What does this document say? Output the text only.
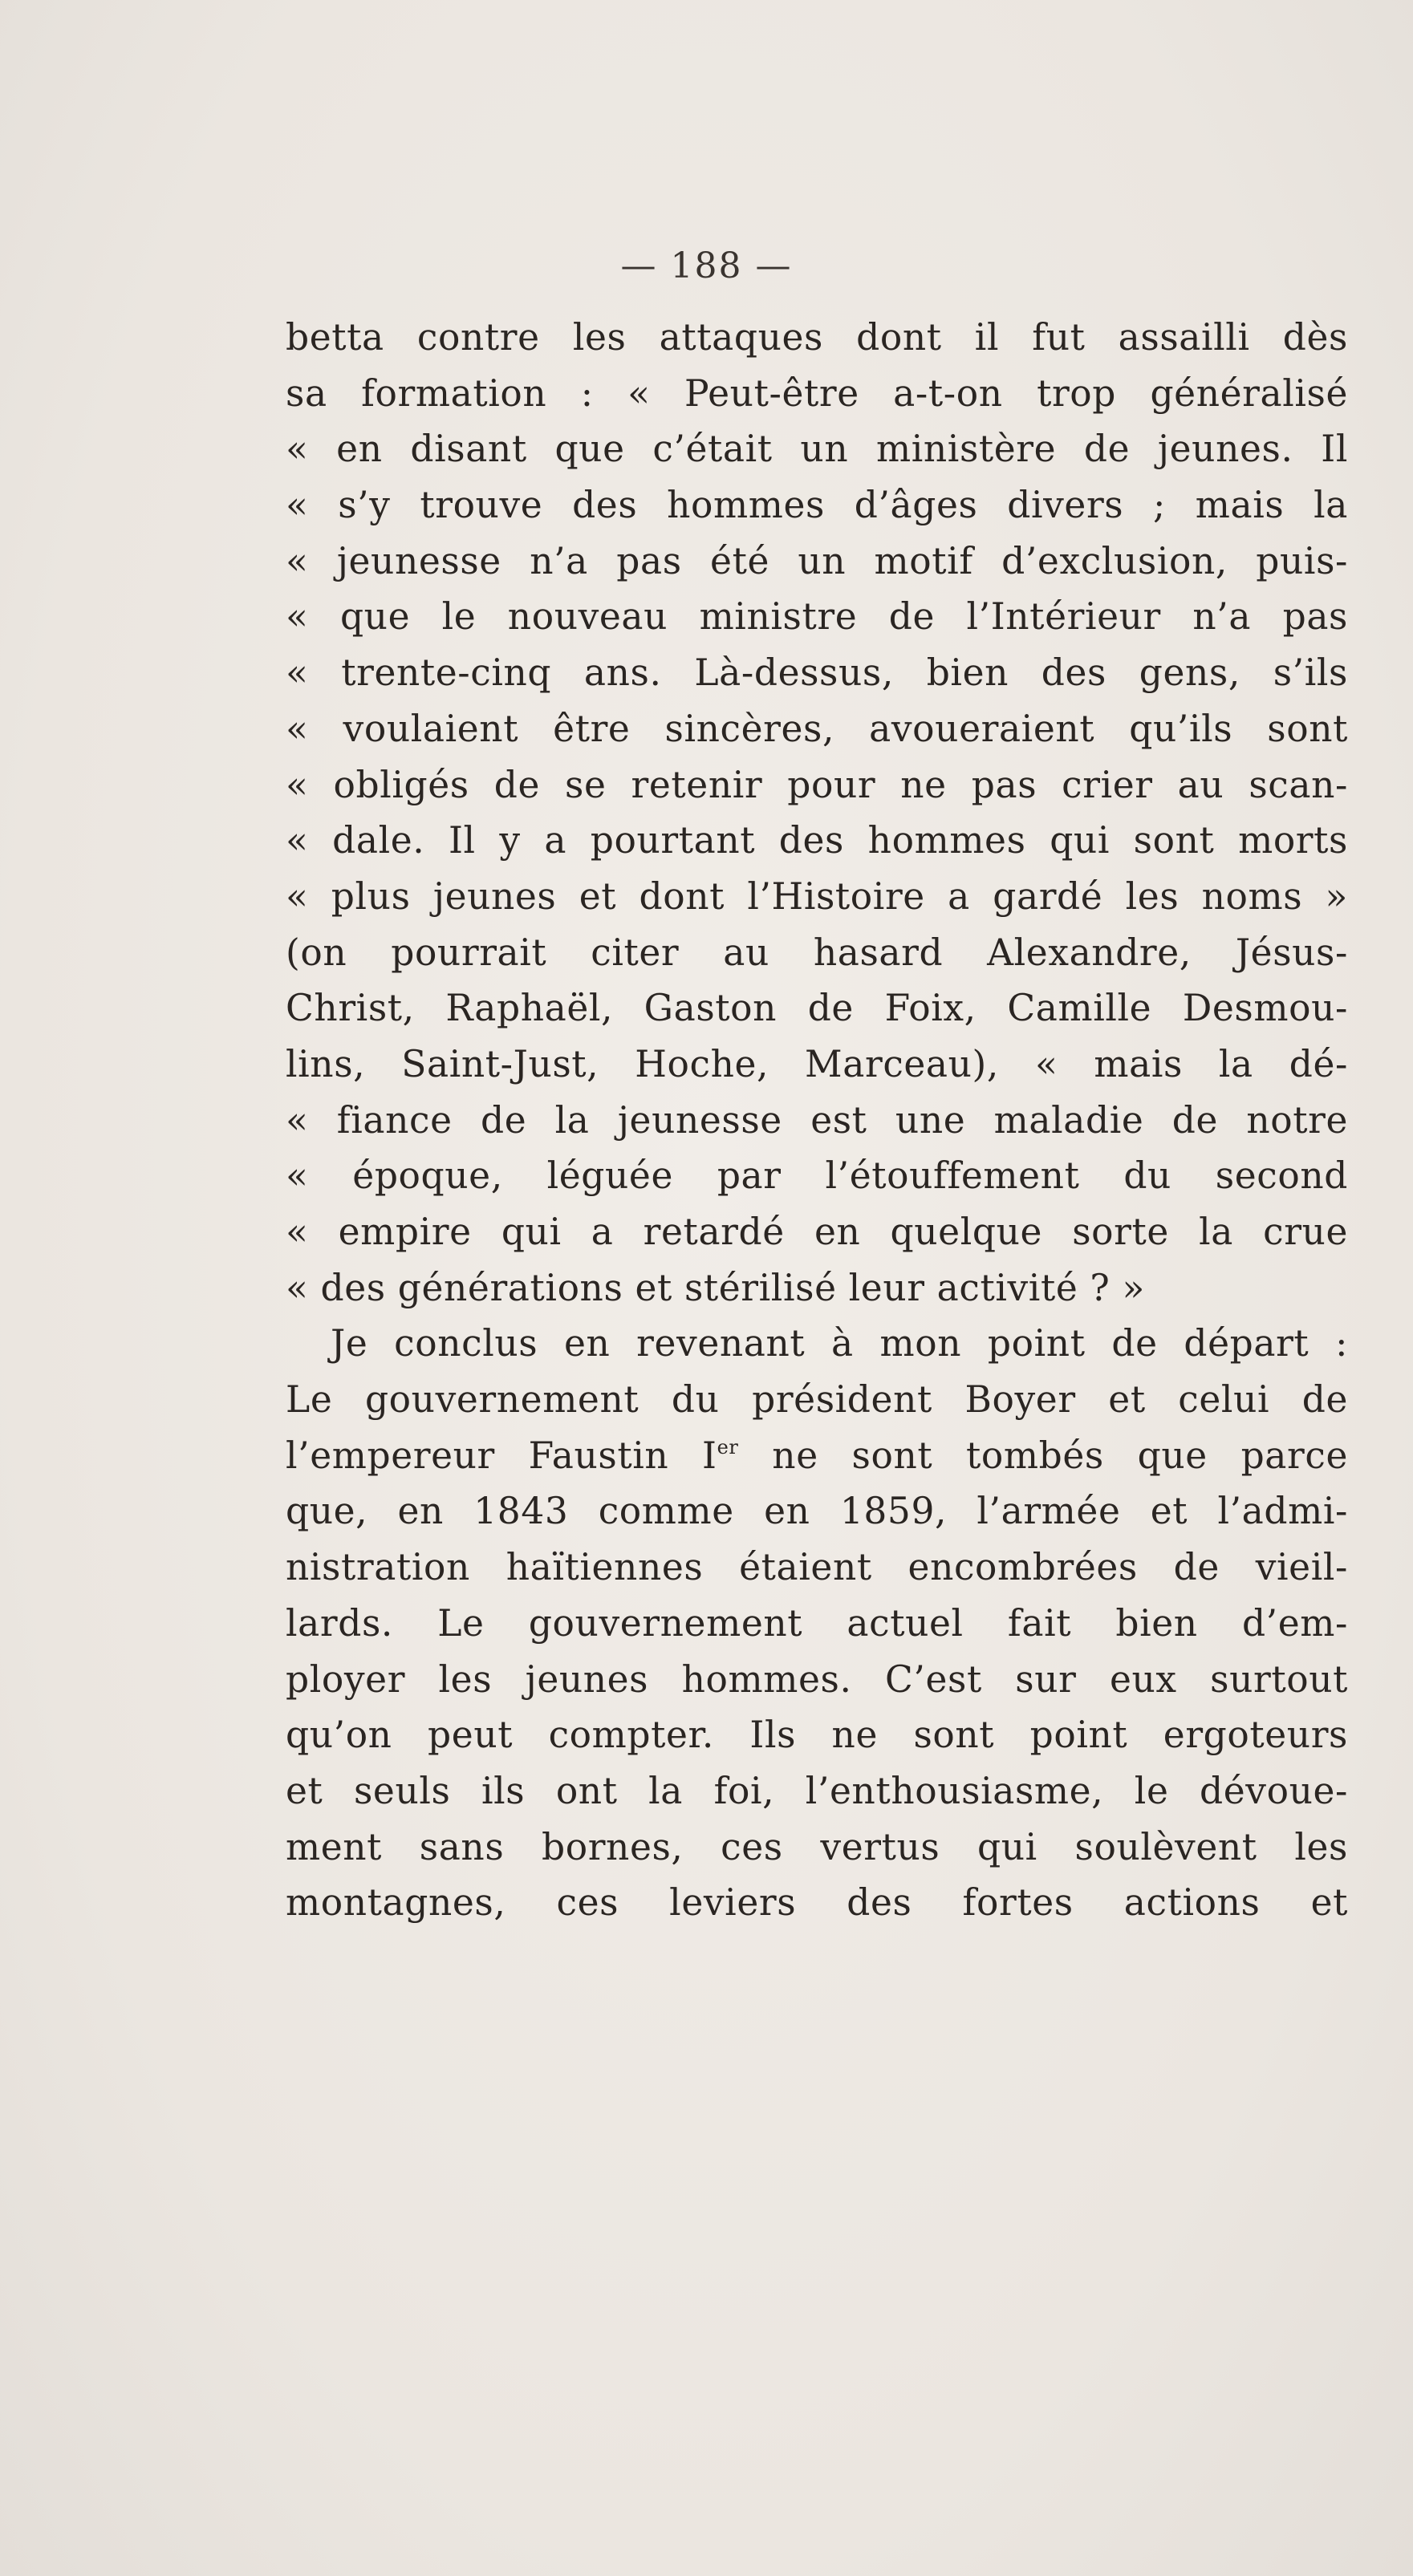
— 188 —
betta contre les attaques dont il fut assailli dès
sa formation : « Peut-être a-t-on trop généralisé
« en disant que c’était un ministère de jeunes. Il
« s’y trouve des hommes d’âges divers ; mais la
« jeunesse n’a pas été un motif d’exclusion, puis-
« que le nouveau ministre de l’Intérieur n’a pas
« trente-cinq ans. Là-dessus, bien des gens, s’ils
« voulaient être sincères, avoueraient qu’ils sont
« obligés de se retenir pour ne pas crier au scan-
« dale. Il y a pourtant des hommes qui sont morts
« plus jeunes et dont l’Histoire a gardé les noms »
(on pourrait citer au hasard Alexandre, Jésus-
Christ, Raphaël, Gaston de Foix, Camille Desmou-
lins, Saint-Just, Hoche, Marceau), « mais la dé-
« fiance de la jeunesse est une maladie de notre
« époque, léguée par l’étouffement du second
« empire qui a retardé en quelque sorte la crue
« des générations et stérilisé leur activité ? »
Je conclus en revenant à mon point de départ :
Le gouvernement du président Boyer et celui de
l’empereur Faustin Ier ne sont tombés que parce
que, en 1843 comme en 1859, l’armée et l’admi-
nistration haïtiennes étaient encombrées de vieil-
lards. Le gouvernement actuel fait bien d’em-
ployer les jeunes hommes. C’est sur eux surtout
qu’on peut compter. Ils ne sont point ergoteurs
et seuls ils ont la foi, l’enthousiasme, le dévoue-
ment sans bornes, ces vertus qui soulèvent les
montagnes, ces leviers des fortes actions et
